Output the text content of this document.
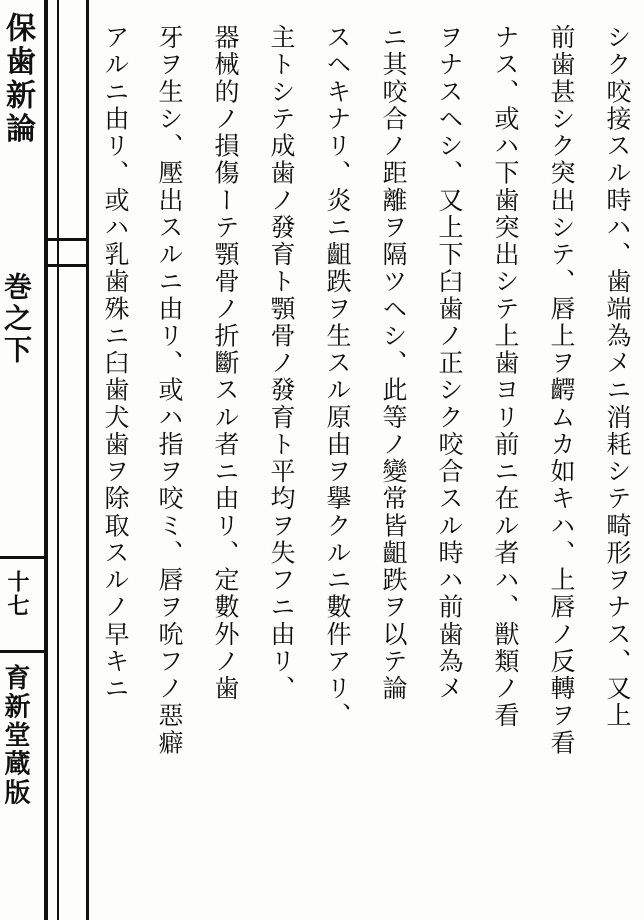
保歯新論
巻之下
十七
育新堂蔵版
シク咬接スル時ハ、歯端為メニ消耗シテ畸形ヲナス、又上
前歯甚シク突出シテ、唇上ヲ齶ムカ如キハ、上唇ノ反轉ヲ看
ナス、或ハ下歯突出シテ上歯ヨリ前ニ在ル者ハ、獣類ノ看
ヲナスヘシ、又上下臼歯ノ正シク咬合スル時ハ前歯為メ
ニ其咬合ノ距離ヲ隔ツヘシ、此等ノ變常皆齟跌ヲ以テ論
スヘキナリ、炎ニ齟跌ヲ生スル原由ヲ擧クルニ數件アリ、
主トシテ成歯ノ發育ト顎骨ノ發育ト平均ヲ失フニ由リ、
器械的ノ損傷ーテ顎骨ノ折斷スル者ニ由リ、定數外ノ歯
牙ヲ生シ、壓出スルニ由リ、或ハ指ヲ咬ミ、唇ヲ吮フノ惡癖
アルニ由リ、或ハ乳歯殊ニ臼歯犬歯ヲ除取スルノ早キニ
